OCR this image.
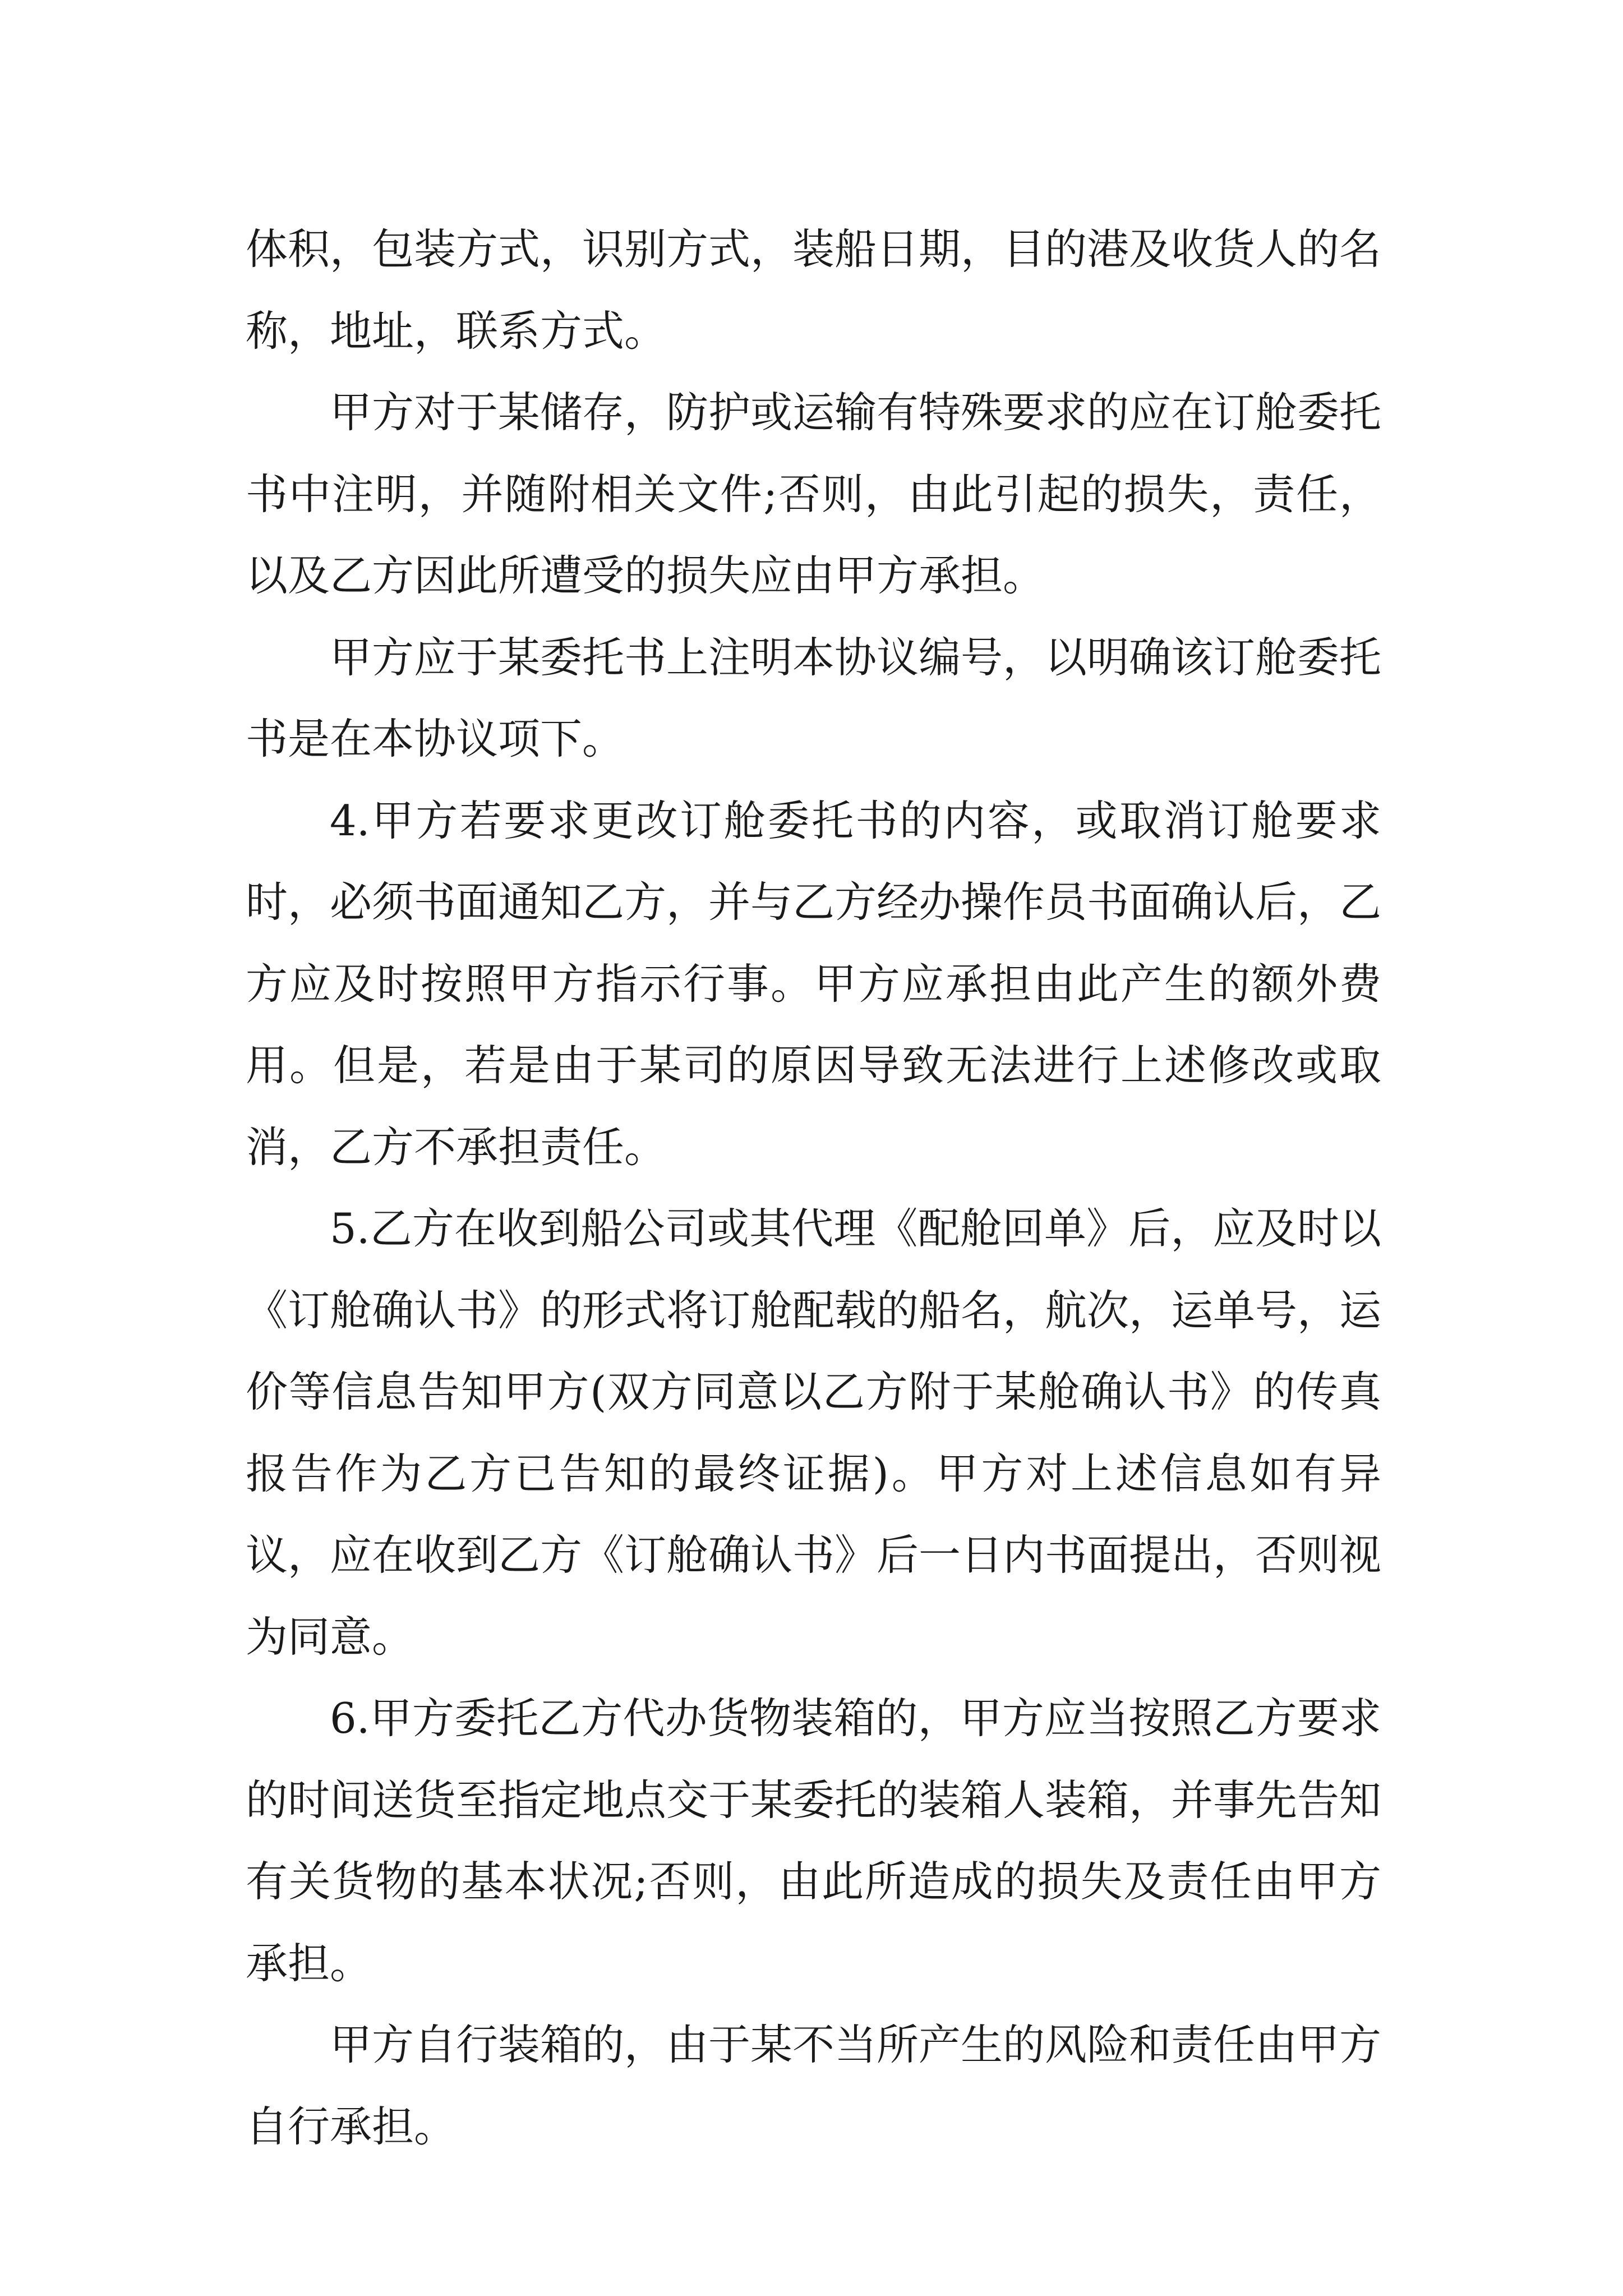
体积，包装方式，识别方式，装船日期，目的港及收货人的名称，地址，联系方式。

甲方对于某储存，防护或运输有特殊要求的应在订舱委托书中注明，并随附相关文件;否则，由此引起的损失，责任，以及乙方因此所遭受的损失应由甲方承担。

甲方应于某委托书上注明本协议编号，以明确该订舱委托书是在本协议项下。

4.甲方若要求更改订舱委托书的内容，或取消订舱要求时，必须书面通知乙方，并与乙方经办操作员书面确认后，乙方应及时按照甲方指示行事。甲方应承担由此产生的额外费用。但是，若是由于某司的原因导致无法进行上述修改或取消，乙方不承担责任。

5.乙方在收到船公司或其代理《配舱回单》后，应及时以《订舱确认书》的形式将订舱配载的船名，航次，运单号，运价等信息告知甲方(双方同意以乙方附于某舱确认书》的传真报告作为乙方已告知的最终证据)。甲方对上述信息如有异议，应在收到乙方《订舱确认书》后一日内书面提出，否则视为同意。

6.甲方委托乙方代办货物装箱的，甲方应当按照乙方要求的时间送货至指定地点交于某委托的装箱人装箱，并事先告知有关货物的基本状况;否则，由此所造成的损失及责任由甲方承担。

甲方自行装箱的，由于某不当所产生的风险和责任由甲方自行承担。
